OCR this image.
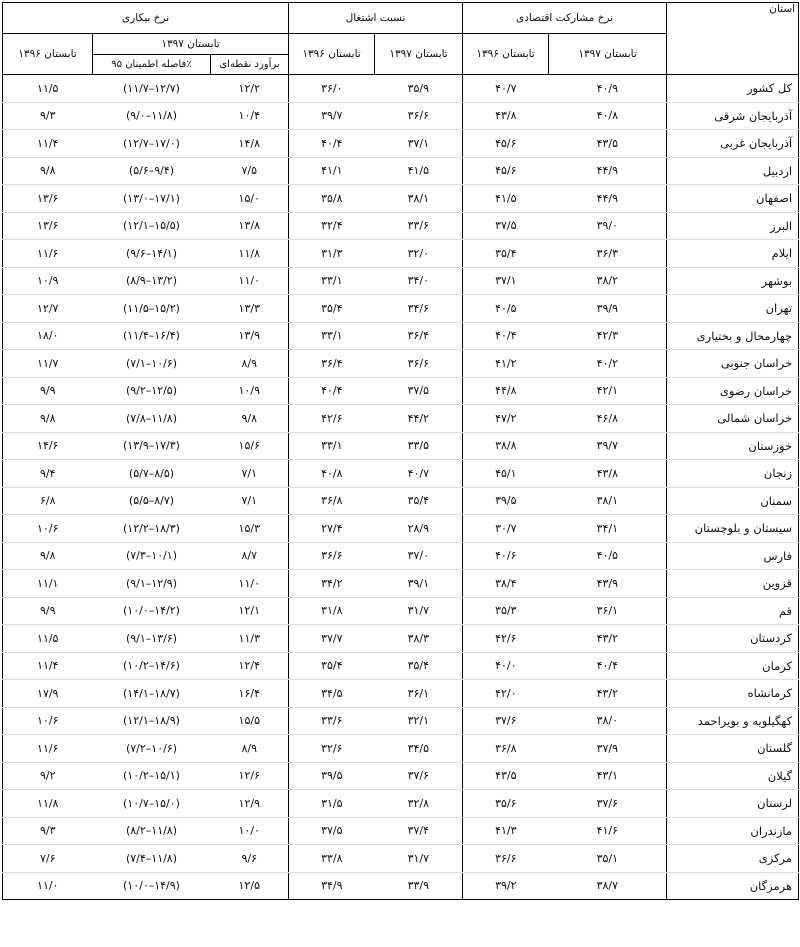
نرخ بیکاری			نسبت اشتغال		نرخ مشارکت اقتصادی		استان
تابستان ۱۳۹۶	تابستان ۱۳۹۷		تابستان ۱۳۹۶	تابستان ۱۳۹۷	تابستان ۱۳۹۶	تابستان ۱۳۹۷	
	فاصله اطمینان ۹۵٪	برآورد نقطه‌ای					
۱۱/۵	(۱۱/۷–۱۲/۷)	۱۲/۲	۳۶/۰	۳۵/۹	۴۰/۷	۴۰/۹	کل کشور
۹/۳	(۹/۰–۱۱/۸)	۱۰/۴	۳۹/۷	۳۶/۶	۴۳/۸	۴۰/۸	آذربایجان شرقی
۱۱/۴	(۱۲/۷–۱۷/۰)	۱۴/۸	۴۰/۴	۳۷/۱	۴۵/۶	۴۳/۵	آذربایجان غربی
۹/۸	(۵/۶–۹/۴)	۷/۵	۴۱/۱	۴۱/۵	۴۵/۶	۴۴/۹	اردبیل
۱۳/۶	(۱۳/۰–۱۷/۱)	۱۵/۰	۳۵/۸	۳۸/۱	۴۱/۵	۴۴/۹	اصفهان
۱۳/۶	(۱۲/۱–۱۵/۵)	۱۳/۸	۳۲/۴	۳۳/۶	۳۷/۵	۳۹/۰	البرز
۱۱/۶	(۹/۶–۱۴/۱)	۱۱/۸	۳۱/۳	۳۲/۰	۳۵/۴	۳۶/۳	ایلام
۱۰/۹	(۸/۹–۱۳/۲)	۱۱/۰	۳۳/۱	۳۴/۰	۳۷/۱	۳۸/۲	بوشهر
۱۲/۷	(۱۱/۵–۱۵/۲)	۱۳/۳	۳۵/۴	۳۴/۶	۴۰/۵	۳۹/۹	تهران
۱۸/۰	(۱۱/۴–۱۶/۴)	۱۳/۹	۳۳/۱	۳۶/۴	۴۰/۴	۴۲/۳	چهارمحال و بختیاری
۱۱/۷	(۷/۱–۱۰/۶)	۸/۹	۳۶/۴	۳۶/۶	۴۱/۲	۴۰/۲	خراسان جنوبی
۹/۹	(۹/۲–۱۲/۵)	۱۰/۹	۴۰/۴	۳۷/۵	۴۴/۸	۴۲/۱	خراسان رضوی
۹/۸	(۷/۸–۱۱/۸)	۹/۸	۴۲/۶	۴۴/۲	۴۷/۲	۴۶/۸	خراسان شمالی
۱۴/۶	(۱۳/۹–۱۷/۳)	۱۵/۶	۳۳/۱	۳۳/۵	۳۸/۸	۳۹/۷	خوزستان
۹/۴	(۵/۷–۸/۵)	۷/۱	۴۰/۸	۴۰/۷	۴۵/۱	۴۳/۸	زنجان
۶/۸	(۵/۵–۸/۷)	۷/۱	۳۶/۸	۳۵/۴	۳۹/۵	۳۸/۱	سمنان
۱۰/۶	(۱۲/۲–۱۸/۳)	۱۵/۳	۲۷/۴	۲۸/۹	۳۰/۷	۳۴/۱	سیستان و بلوچستان
۹/۸	(۷/۳–۱۰/۱)	۸/۷	۳۶/۶	۳۷/۰	۴۰/۶	۴۰/۵	فارس
۱۱/۱	(۹/۱–۱۲/۹)	۱۱/۰	۳۴/۲	۳۹/۱	۳۸/۴	۴۳/۹	قزوین
۹/۹	(۱۰/۰–۱۴/۲)	۱۲/۱	۳۱/۸	۳۱/۷	۳۵/۳	۳۶/۱	قم
۱۱/۵	(۹/۱–۱۳/۶)	۱۱/۳	۳۷/۷	۳۸/۳	۴۲/۶	۴۳/۲	کردستان
۱۱/۴	(۱۰/۲–۱۴/۶)	۱۲/۴	۳۵/۴	۳۵/۴	۴۰/۰	۴۰/۴	کرمان
۱۷/۹	(۱۴/۱–۱۸/۷)	۱۶/۴	۳۴/۵	۳۶/۱	۴۲/۰	۴۳/۲	کرمانشاه
۱۰/۶	(۱۲/۱–۱۸/۹)	۱۵/۵	۳۳/۶	۳۲/۱	۳۷/۶	۳۸/۰	کهگیلویه و بویراحمد
۱۱/۶	(۷/۲–۱۰/۶)	۸/۹	۳۲/۶	۳۴/۵	۳۶/۸	۳۷/۹	گلستان
۹/۲	(۱۰/۲–۱۵/۱)	۱۲/۶	۳۹/۵	۳۷/۶	۴۳/۵	۴۳/۱	گیلان
۱۱/۸	(۱۰/۷–۱۵/۰)	۱۲/۹	۳۱/۵	۳۲/۸	۳۵/۶	۳۷/۶	لرستان
۹/۳	(۸/۲–۱۱/۸)	۱۰/۰	۳۷/۵	۳۷/۴	۴۱/۳	۴۱/۶	مازندران
۷/۶	(۷/۴–۱۱/۸)	۹/۶	۳۳/۸	۳۱/۷	۳۶/۶	۳۵/۱	مرکزی
۱۱/۰	(۱۰/۰–۱۴/۹)	۱۲/۵	۳۴/۹	۳۳/۹	۳۹/۲	۳۸/۷	هرمزگان
